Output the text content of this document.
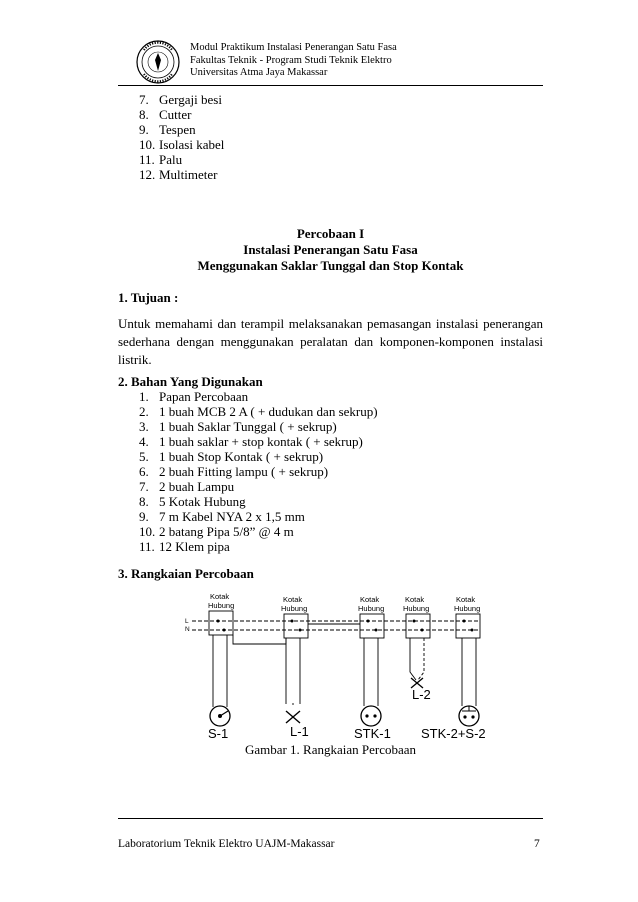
Modul Praktikum Instalasi Penerangan Satu Fasa
Fakultas Teknik - Program Studi Teknik Elektro
Universitas Atma Jaya Makassar
7. Gergaji besi
8. Cutter
9. Tespen
10. Isolasi kabel
11. Palu
12. Multimeter
Percobaan I
Instalasi Penerangan Satu Fasa
Menggunakan Saklar Tunggal dan Stop Kontak
1. Tujuan :
Untuk memahami dan terampil melaksanakan pemasangan instalasi penerangan sederhana dengan menggunakan peralatan dan komponen-komponen instalasi listrik.
2. Bahan Yang Digunakan
1. Papan Percobaan
2. 1 buah MCB 2 A ( + dudukan dan sekrup)
3. 1 buah Saklar Tunggal ( + sekrup)
4. 1 buah saklar + stop kontak ( + sekrup)
5. 1 buah Stop Kontak ( + sekrup)
6. 2 buah Fitting lampu ( + sekrup)
7. 2 buah Lampu
8. 5 Kotak Hubung
9. 7 m Kabel NYA 2 x 1,5 mm
10. 2 batang Pipa 5/8” @ 4 m
11. 12 Klem pipa
3. Rangkaian Percobaan
Kotak
Hubung
Kotak
Hubung
Kotak
Hubung
Kotak
Hubung
Kotak
Hubung
L
N
S-1	L-1	STK-1
L-2
STK-2+S-2
Gambar 1. Rangkaian Percobaan
Laboratorium Teknik Elektro UAJM-Makassar	7
